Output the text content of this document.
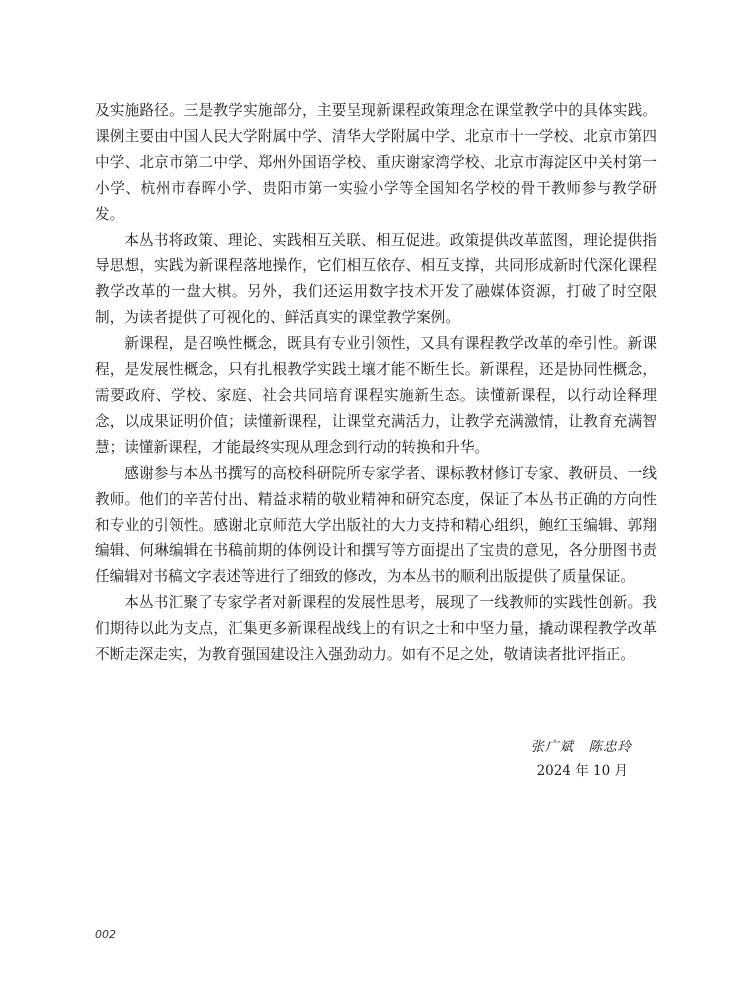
及实施路径。三是教学实施部分，主要呈现新课程政策理念在课堂教学中的具体实践。课例主要由中国人民大学附属中学、清华大学附属中学、北京市十一学校、北京市第四中学、北京市第二中学、郑州外国语学校、重庆谢家湾学校、北京市海淀区中关村第一小学、杭州市春晖小学、贵阳市第一实验小学等全国知名学校的骨干教师参与教学研发。

本丛书将政策、理论、实践相互关联、相互促进。政策提供改革蓝图，理论提供指导思想，实践为新课程落地操作，它们相互依存、相互支撑，共同形成新时代深化课程教学改革的一盘大棋。另外，我们还运用数字技术开发了融媒体资源，打破了时空限制，为读者提供了可视化的、鲜活真实的课堂教学案例。

新课程，是召唤性概念，既具有专业引领性，又具有课程教学改革的牵引性。新课程，是发展性概念，只有扎根教学实践土壤才能不断生长。新课程，还是协同性概念，需要政府、学校、家庭、社会共同培育课程实施新生态。读懂新课程，以行动诠释理念，以成果证明价值；读懂新课程，让课堂充满活力，让教学充满激情，让教育充满智慧；读懂新课程，才能最终实现从理念到行动的转换和升华。

感谢参与本丛书撰写的高校科研院所专家学者、课标教材修订专家、教研员、一线教师。他们的辛苦付出、精益求精的敬业精神和研究态度，保证了本丛书正确的方向性和专业的引领性。感谢北京师范大学出版社的大力支持和精心组织，鲍红玉编辑、郭翔编辑、何琳编辑在书稿前期的体例设计和撰写等方面提出了宝贵的意见，各分册图书责任编辑对书稿文字表述等进行了细致的修改，为本丛书的顺利出版提供了质量保证。

本丛书汇聚了专家学者对新课程的发展性思考，展现了一线教师的实践性创新。我们期待以此为支点，汇集更多新课程战线上的有识之士和中坚力量，撬动课程教学改革不断走深走实，为教育强国建设注入强劲动力。如有不足之处，敬请读者批评指正。

张广斌　陈忠玲
2024 年 10 月
002
